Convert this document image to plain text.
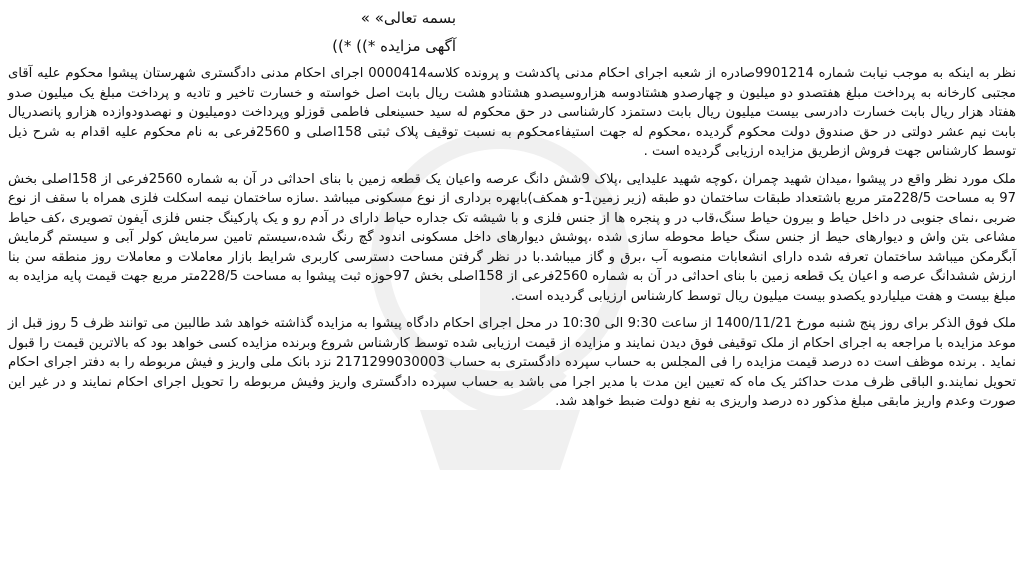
بسمه تعالی» »

آگهی مزایده *)) *))

نظر به اینکه به موجب نیابت شماره 9901214صادره از شعبه اجرای احکام مدنی پاکدشت و پرونده کلاسه0000414 اجرای احکام مدنی دادگستری شهرستان پیشوا محکوم علیه آقای مجتبی کارخانه به پرداخت مبلغ هفتصدو دو میلیون و چهارصدو هشتادوسه هزاروسیصدو هشتادو هشت ریال بابت اصل خواسته و خسارت تاخیر و تادیه و پرداخت مبلغ یک میلیون صدو هفتاد هزار ریال بابت خسارت دادرسی بیست میلیون ریال بابت دستمزد کارشناسی در حق محکوم له سید حسینعلی فاطمی قوزلو وپرداخت دومیلیون و نهصدودوازده هزارو پانصدریال بابت نیم عشر دولتی در حق صندوق دولت محکوم گردیده ،محکوم له جهت استیفاءمحکوم به نسبت توقیف پلاک ثبتی 158اصلی و 2560فرعی به نام محکوم علیه اقدام به شرح ذیل توسط کارشناس جهت فروش ازطریق مزایده ارزیابی گردیده است .

ملک مورد نظر واقع در پیشوا ،میدان شهید چمران ،کوچه شهید علیدایی ،پلاک 9شش دانگ عرصه واعیان یک قطعه زمین با بنای احداثی در آن به شماره 2560فرعی از 158اصلی بخش 97 به مساحت 228/5متر مربع باشتعداد طبقات ساختمان دو طبقه (زیر زمین1-و همکف)بابهره برداری از نوع مسکونی میباشد .سازه ساختمان نیمه اسکلت فلزی همراه با سقف از نوع ضربی ،نمای جنوبی در داخل حیاط و بیرون حیاط سنگ،قاب در و پنجره ها از جنس فلزی و با شیشه تک جداره حیاط دارای در آدم رو و یک پارکینگ جنس فلزی آیفون تصویری ،کف حیاط مشاعی بتن واش و دیوارهای حیط از جنس سنگ حیاط محوطه سازی شده ،پوشش دیوارهای داخل مسکونی اندود گچ رنگ شده،سیستم تامین سرمایش کولر آبی و سیستم گرمایش آبگرمکن میباشد ساختمان تعرفه شده دارای انشعابات منصوبه آب ،برق و گاز میباشد.با در نظر گرفتن مساحت دسترسی کاربری شرایط بازار معاملات و معاملات روز منطقه سن بنا ارزش ششدانگ عرصه و اعیان یک قطعه زمین با بنای احداثی در آن به شماره 2560فرعی از 158اصلی بخش 97حوزه ثبت پیشوا به مساحت 228/5متر مربع جهت قیمت پایه مزایده به مبلغ بیست و هفت میلیاردو یکصدو بیست میلیون ریال توسط کارشناس ارزیابی گردیده است.

ملک فوق الذکر برای روز پنج شنبه مورخ 1400/11/21 از ساعت 9:30 الی 10:30 در محل اجرای احکام دادگاه پیشوا به مزایده گذاشته خواهد شد طالبین می توانند ظرف 5 روز قبل از موعد مزایده با مراجعه به اجرای احکام از ملک توقیفی فوق دیدن نمایند و مزایده از قیمت ارزیابی شده توسط کارشناس شروع وبرنده مزایده کسی خواهد بود که بالاترین قیمت را قبول نماید . برنده موظف است ده درصد قیمت مزایده را فی المجلس به حساب سپرده دادگستری به حساب 2171299030003 نزد بانک ملی واریز و فیش مربوطه را به دفتر اجرای احکام تحویل نمایند.و الباقی ظرف مدت حداکثر یک ماه که تعیین این مدت با مدیر اجرا می باشد به حساب سپرده دادگستری واریز وفیش مربوطه را تحویل اجرای احکام نمایند و در غیر این صورت وعدم واریز مابقی مبلغ مذکور ده درصد واریزی به نفع دولت ضبط خواهد شد.
